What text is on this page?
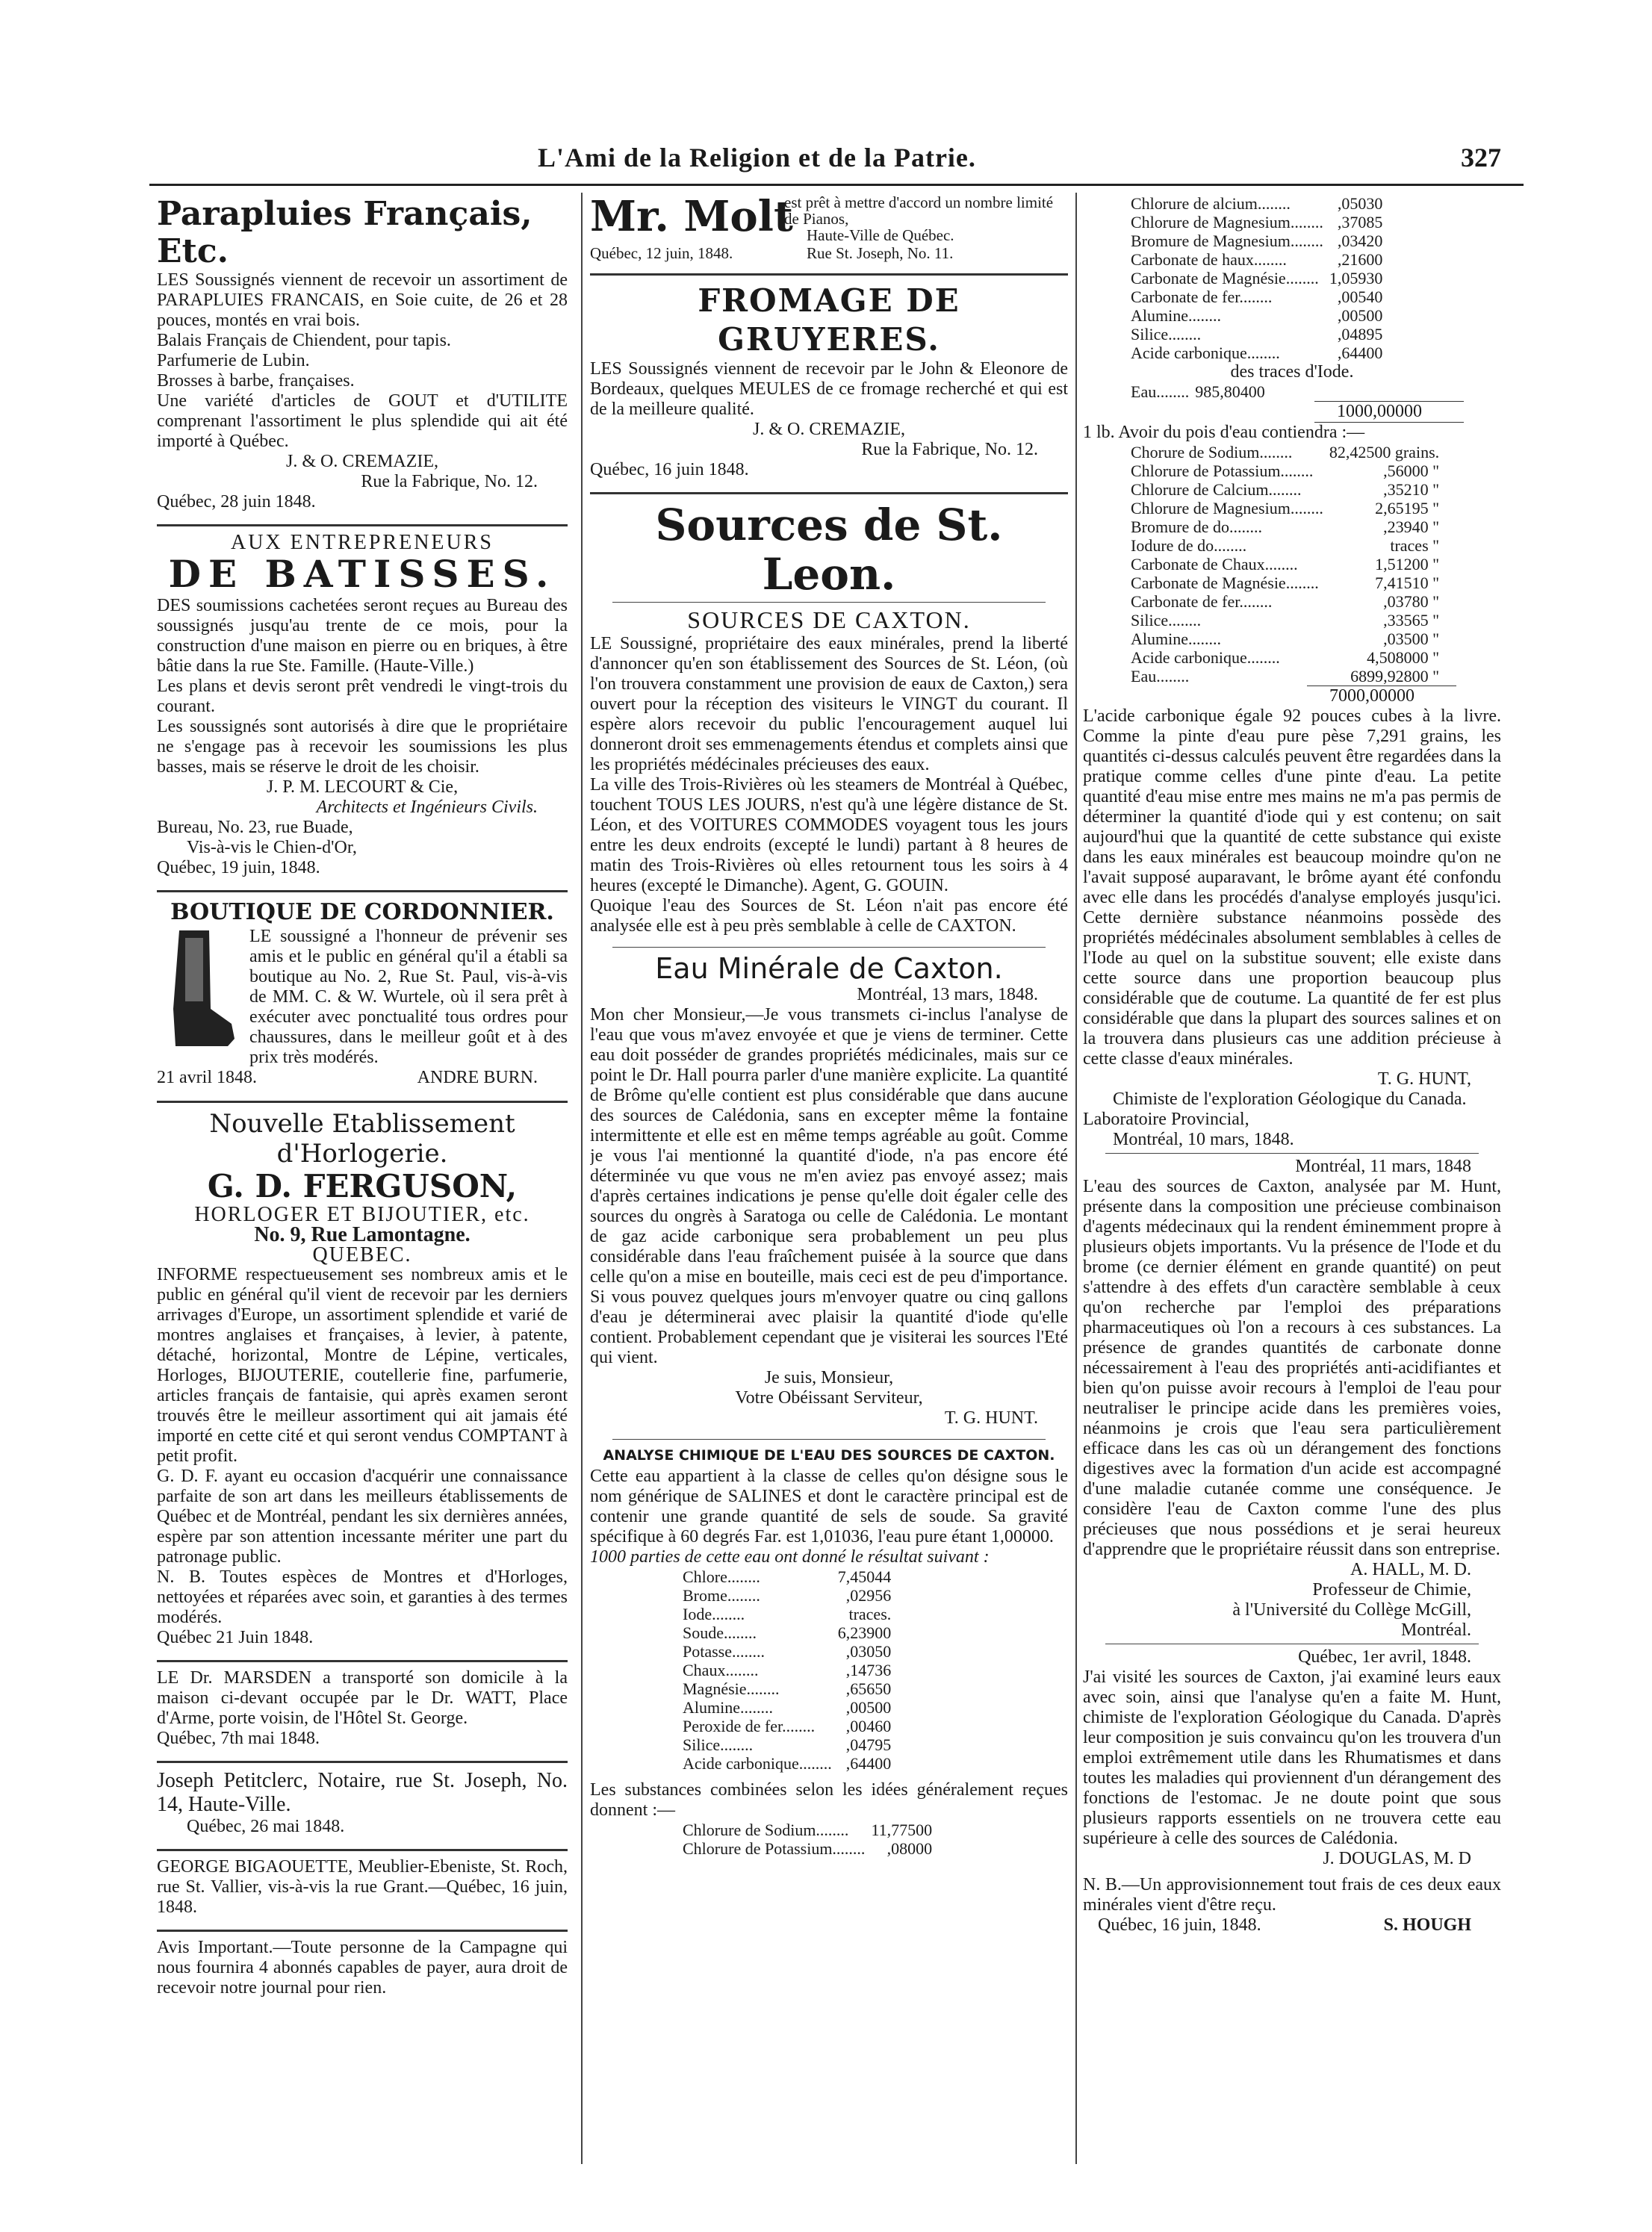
L'Ami de la Religion et de la Patrie.	327
Parapluies Français, Etc.

LES Soussignés viennent de recevoir un assortiment de PARAPLUIES FRANCAIS, en Soie cuite, de 26 et 28 pouces, montés en vrai bois.

Balais Français de Chiendent, pour tapis.

Parfumerie de Lubin.

Brosses à barbe, françaises.

Une variété d'articles de GOUT et d'UTILITE comprenant l'assortiment le plus splendide qui ait été importé à Québec.

J. & O. CREMAZIE,
Rue la Fabrique, No. 12.
Québec, 28 juin 1848.
AUX ENTREPRENEURS
DE BATISSES.

DES soumissions cachetées seront reçues au Bureau des soussignés jusqu'au trente de ce mois, pour la construction d'une maison en pierre ou en briques, à être bâtie dans la rue Ste. Famille. (Haute-Ville.)

Les plans et devis seront prêt vendredi le vingt-trois du courant.

Les soussignés sont autorisés à dire que le propriétaire ne s'engage pas à recevoir les soumissions les plus basses, mais se réserve le droit de les choisir.

J. P. M. LECOURT & Cie,
Architects et Ingénieurs Civils.
Bureau, No. 23, rue Buade,
Vis-à-vis le Chien-d'Or,
Québec, 19 juin, 1848.
BOUTIQUE DE CORDONNIER.

LE soussigné a l'honneur de prévenir ses amis et le public en général qu'il a établi sa boutique au No. 2, Rue St. Paul, vis-à-vis de MM. C. & W. Wurtele, où il sera prêt à exécuter avec ponctualité tous ordres pour chaussures, dans le meilleur goût et à des prix très modérés.

21 avril 1848.	ANDRE BURN.
Nouvelle Etablissement d'Horlogerie.
G. D. FERGUSON,
HORLOGER ET BIJOUTIER, etc.
No. 9, Rue Lamontagne.
QUEBEC.

INFORME respectueusement ses nombreux amis et le public en général qu'il vient de recevoir par les derniers arrivages d'Europe, un assortiment splendide et varié de montres anglaises et françaises, à levier, à patente, détaché, horizontal, Montre de Lépine, verticales, Horloges, BIJOUTERIE, coutellerie fine, parfumerie, articles français de fantaisie, qui après examen seront trouvés être le meilleur assortiment qui ait jamais été importé en cette cité et qui seront vendus COMPTANT à petit profit.

G. D. F. ayant eu occasion d'acquérir une connaissance parfaite de son art dans les meilleurs établissements de Québec et de Montréal, pendant les six dernières années, espère par son attention incessante mériter une part du patronage public.

N. B. Toutes espèces de Montres et d'Horloges, nettoyées et réparées avec soin, et garanties à des termes modérés.

Québec 21 Juin 1848.

LE Dr. MARSDEN a transporté son domicile à la maison ci-devant occupée par le Dr. WATT, Place d'Arme, porte voisin, de l'Hôtel St. George.

Québec, 7th mai 1848.

Joseph Petitclerc, Notaire, rue St. Joseph, No. 14, Haute-Ville.

Québec, 26 mai 1848.

GEORGE BIGAOUETTE, Meublier-Ebeniste, St. Roch, rue St. Vallier, vis-à-vis la rue Grant.—Québec, 16 juin, 1848.

Avis Important.—Toute personne de la Campagne qui nous fournira 4 abonnés capables de payer, aura droit de recevoir notre journal pour rien.

Mr. Molt
est prêt à mettre d'accord un nombre limité de Pianos,
Haute-Ville de Québec.
Québec, 12 juin, 1848.	Rue St. Joseph, No. 11.
FROMAGE DE GRUYERES.

LES Soussignés viennent de recevoir par le John & Eleonore de Bordeaux, quelques MEULES de ce fromage recherché et qui est de la meilleure qualité.

J. & O. CREMAZIE,
Rue la Fabrique, No. 12.
Québec, 16 juin 1848.
Sources de St. Leon.
SOURCES DE CAXTON.

LE Soussigné, propriétaire des eaux minérales, prend la liberté d'annoncer qu'en son établissement des Sources de St. Léon, (où l'on trouvera constamment une provision de eaux de Caxton,) sera ouvert pour la réception des visiteurs le VINGT du courant. Il espère alors recevoir du public l'encouragement auquel lui donneront droit ses emmenagements étendus et complets ainsi que les propriétés médécinales précieuses des eaux.

La ville des Trois-Rivières où les steamers de Montréal à Québec, touchent TOUS LES JOURS, n'est qu'à une légère distance de St. Léon, et des VOITURES COMMODES voyagent tous les jours entre les deux endroits (excepté le lundi) partant à 8 heures de matin des Trois-Rivières où elles retournent tous les soirs à 4 heures (excepté le Dimanche). Agent, G. GOUIN.

Quoique l'eau des Sources de St. Léon n'ait pas encore été analysée elle est à peu près semblable à celle de CAXTON.

Eau Minérale de Caxton.
Montréal, 13 mars, 1848.

Mon cher Monsieur,—Je vous transmets ci-inclus l'analyse de l'eau que vous m'avez envoyée et que je viens de terminer. Cette eau doit posséder de grandes propriétés médicinales, mais sur ce point le Dr. Hall pourra parler d'une manière explicite. La quantité de Brôme qu'elle contient est plus considérable que dans aucune des sources de Calédonia, sans en excepter même la fontaine intermittente et elle est en même temps agréable au goût. Comme je vous l'ai mentionné la quantité d'iode, n'a pas encore été déterminée vu que vous ne m'en aviez pas envoyé assez; mais d'après certaines indications je pense qu'elle doit égaler celle des sources du ongrès à Saratoga ou celle de Calédonia. Le montant de gaz acide carbonique sera probablement un peu plus considérable dans l'eau fraîchement puisée à la source que dans celle qu'on a mise en bouteille, mais ceci est de peu d'importance. Si vous pouvez quelques jours m'envoyer quatre ou cinq gallons d'eau je déterminerai avec plaisir la quantité d'iode qu'elle contient. Probablement cependant que je visiterai les sources l'Eté qui vient.

Je suis, Monsieur,
Votre Obéissant Serviteur,
T. G. HUNT.
ANALYSE CHIMIQUE DE L'EAU DES SOURCES DE CAXTON.

Cette eau appartient à la classe de celles qu'on désigne sous le nom générique de SALINES et dont le caractère principal est de contenir une grande quantité de sels de soude. Sa gravité spécifique à 60 degrés Far. est 1,01036, l'eau pure étant 1,00000.

1000 parties de cette eau ont donné le résultat suivant :

Chlore........	7,45044
Brome........	,02956
Iode........	traces.
Soude........	6,23900
Potasse........	,03050
Chaux........	,14736
Magnésie........	,65650
Alumine........	,00500
Peroxide de fer........	,00460
Silice........	,04795
Acide carbonique........	,64400

Les substances combinées selon les idées généralement reçues donnent :—

Chlorure de Sodium........	11,77500
Chlorure de Potassium........	,08000
Chlorure de alcium........	,05030
Chlorure de Magnesium........	,37085
Bromure de Magnesium........	,03420
Carbonate de haux........	,21600
Carbonate de Magnésie........	1,05930
Carbonate de fer........	,00540
Alumine........	,00500
Silice........	,04895
Acide carbonique........	,64400
des traces d'Iode.
Eau........	985,80400
1000,00000
1 lb. Avoir du pois d'eau contiendra :—
Chorure de Sodium........	82,42500 grains.
Chlorure de Potassium........	,56000 "
Chlorure de Calcium........	,35210 "
Chlorure de Magnesium........	2,65195 "
Bromure de do........	,23940 "
Iodure de do........	traces "
Carbonate de Chaux........	1,51200 "
Carbonate de Magnésie........	7,41510 "
Carbonate de fer........	,03780 "
Silice........	,33565 "
Alumine........	,03500 "
Acide carbonique........	4,508000 "
Eau........	6899,92800 "
7000,00000

L'acide carbonique égale 92 pouces cubes à la livre. Comme la pinte d'eau pure pèse 7,291 grains, les quantités ci-dessus calculés peuvent être regardées dans la pratique comme celles d'une pinte d'eau. La petite quantité d'eau mise entre mes mains ne m'a pas permis de déterminer la quantité d'iode qui y est contenu; on sait aujourd'hui que la quantité de cette substance qui existe dans les eaux minérales est beaucoup moindre qu'on ne l'avait supposé auparavant, le brôme ayant été confondu avec elle dans les procédés d'analyse employés jusqu'ici. Cette dernière substance néanmoins possède des propriétés médécinales absolument semblables à celles de l'Iode au quel on la substitue souvent; elle existe dans cette source dans une proportion beaucoup plus considérable que de coutume. La quantité de fer est plus considérable que dans la plupart des sources salines et on la trouvera dans plusieurs cas une addition précieuse à cette classe d'eaux minérales.

T. G. HUNT,
Chimiste de l'exploration Géologique du Canada.
Laboratoire Provincial,
Montréal, 10 mars, 1848.
Montréal, 11 mars, 1848

L'eau des sources de Caxton, analysée par M. Hunt, présente dans la composition une précieuse combinaison d'agents médecinaux qui la rendent éminemment propre à plusieurs objets importants. Vu la présence de l'Iode et du brome (ce dernier élément en grande quantité) on peut s'attendre à des effets d'un caractère semblable à ceux qu'on recherche par l'emploi des préparations pharmaceutiques où l'on a recours à ces substances. La présence de grandes quantités de carbonate donne nécessairement à l'eau des propriétés anti-acidifiantes et bien qu'on puisse avoir recours à l'emploi de l'eau pour neutraliser le principe acide dans les premières voies, néanmoins je crois que l'eau sera particulièrement efficace dans les cas où un dérangement des fonctions digestives avec la formation d'un acide est accompagné d'une maladie cutanée comme une conséquence. Je considère l'eau de Caxton comme l'une des plus précieuses que nous possédions et je serai heureux d'apprendre que le propriétaire réussit dans son entreprise.

A. HALL, M. D.
Professeur de Chimie,
à l'Université du Collège McGill,
Montréal.
Québec, 1er avril, 1848.

J'ai visité les sources de Caxton, j'ai examiné leurs eaux avec soin, ainsi que l'analyse qu'en a faite M. Hunt, chimiste de l'exploration Géologique du Canada. D'après leur composition je suis convaincu qu'on les trouvera d'un emploi extrêmement utile dans les Rhumatismes et dans toutes les maladies qui proviennent d'un dérangement des fonctions de l'estomac. Je ne doute point que sous plusieurs rapports essentiels on ne trouvera cette eau supérieure à celle des sources de Calédonia.

J. DOUGLAS, M. D

N. B.—Un approvisionnement tout frais de ces deux eaux minérales vient d'être reçu.

Québec, 16 juin, 1848.	S. HOUGH
